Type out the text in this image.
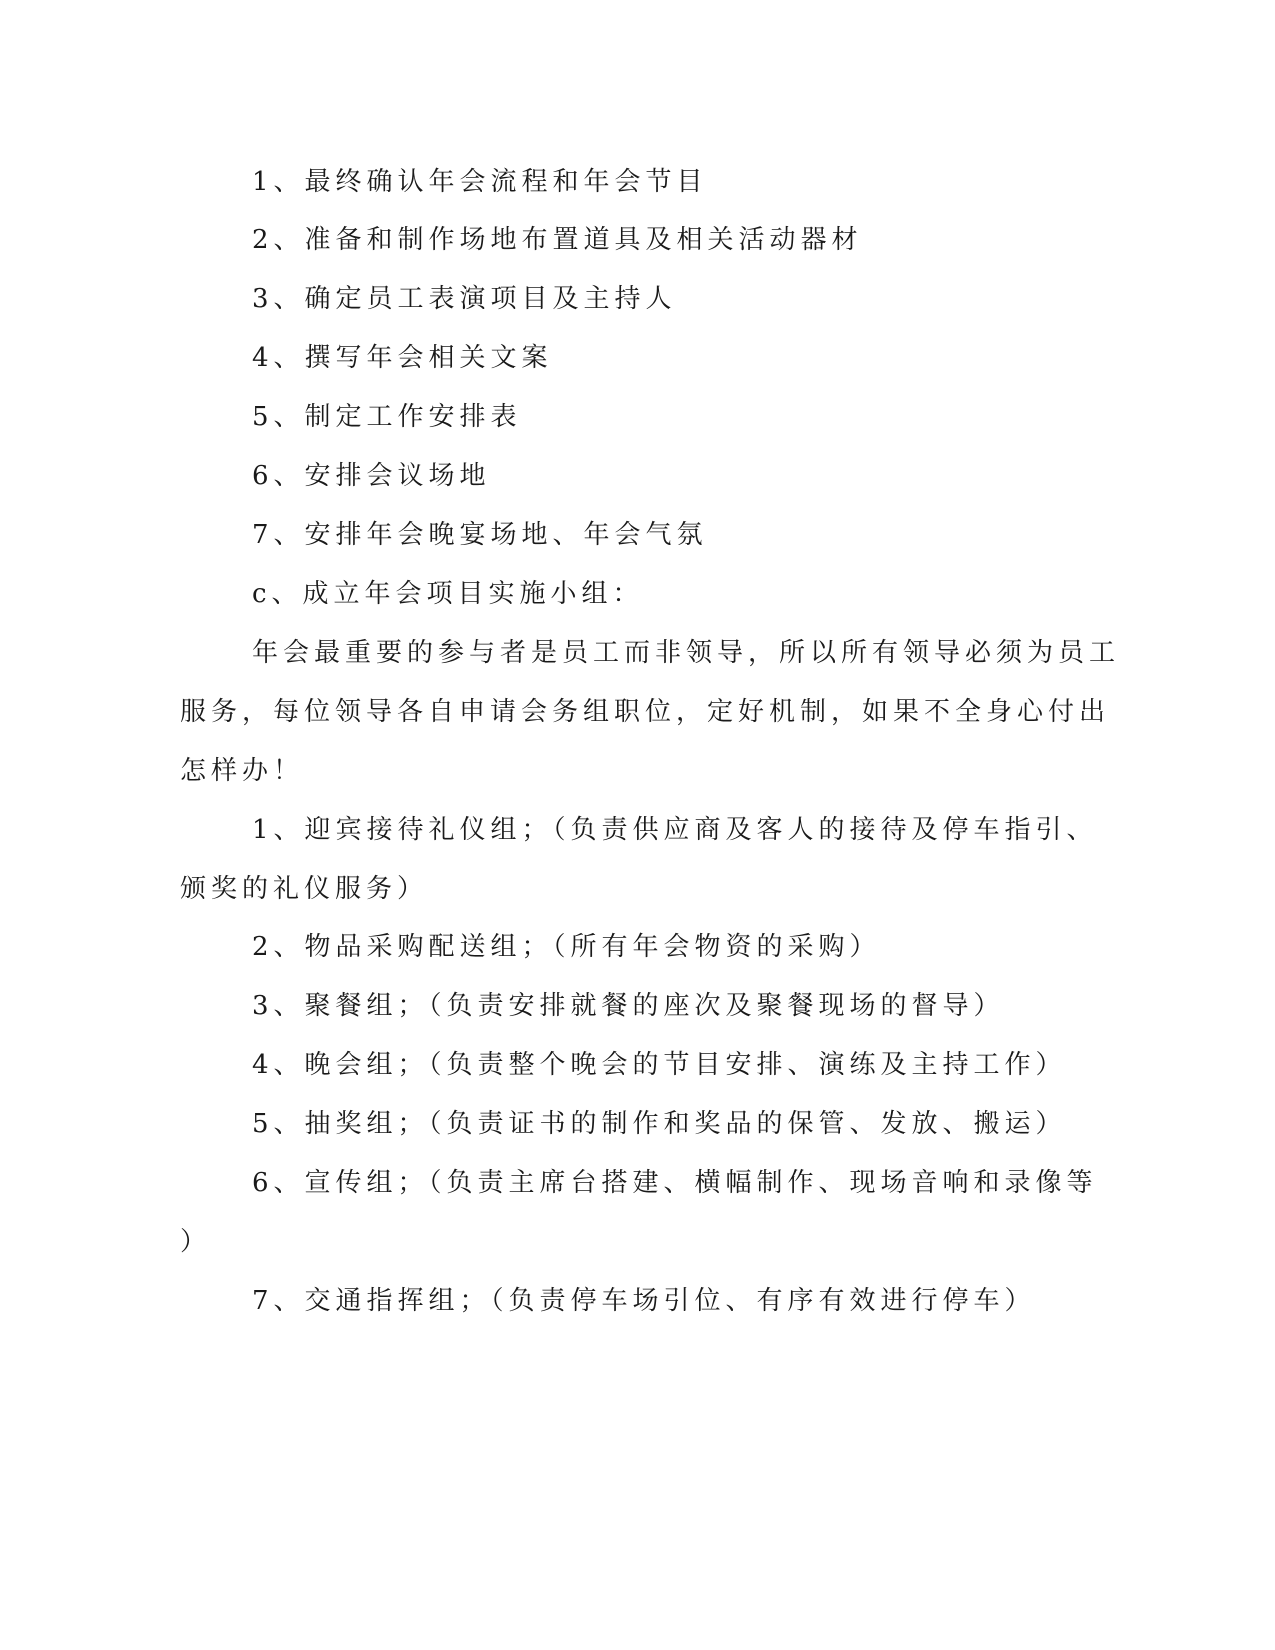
1、最终确认年会流程和年会节目
2、准备和制作场地布置道具及相关活动器材
3、确定员工表演项目及主持人
4、撰写年会相关文案
5、制定工作安排表
6、安排会议场地
7、安排年会晚宴场地、年会气氛
c、成立年会项目实施小组：
年会最重要的参与者是员工而非领导，所以所有领导必须为员工
服务，每位领导各自申请会务组职位，定好机制，如果不全身心付出
怎样办！
1、迎宾接待礼仪组；（负责供应商及客人的接待及停车指引、
颁奖的礼仪服务）
2、物品采购配送组；（所有年会物资的采购）
3、聚餐组；（负责安排就餐的座次及聚餐现场的督导）
4、晚会组；（负责整个晚会的节目安排、演练及主持工作）
5、抽奖组；（负责证书的制作和奖品的保管、发放、搬运）
6、宣传组；（负责主席台搭建、横幅制作、现场音响和录像等
）
7、交通指挥组；（负责停车场引位、有序有效进行停车）
